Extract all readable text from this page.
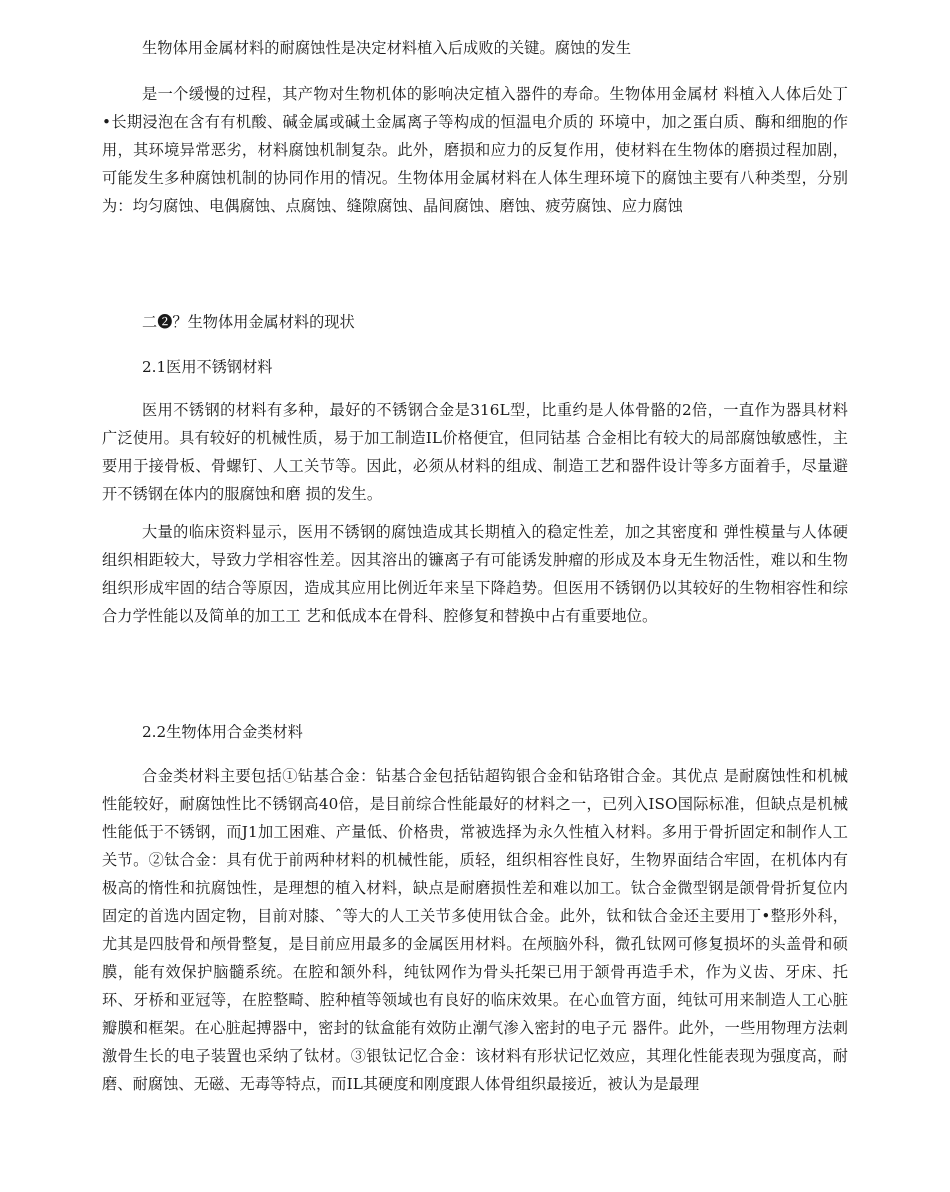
生物体用金属材料的耐腐蚀性是决定材料植入后成败的关键。腐蚀的发生

是一个缓慢的过程，其产物对生物机体的影响决定植入器件的寿命。生物体用金属材 料植入人体后处丁 •长期浸泡在含有有机酸、碱金属或碱土金属离子等构成的恒温电介质的 环境中，加之蛋白质、酶和细胞的作用，其环境异常恶劣，材料腐蚀机制复杂。此外，磨损和应力的反复作用，使材料在生物体的磨损过程加剧，可能发生多种腐蚀机制的协同作用的情况。生物体用金属材料在人体生理环境下的腐蚀主要有八种类型，分别为：均匀腐蚀、电偶腐蚀、点腐蚀、缝隙腐蚀、晶间腐蚀、磨蚀、疲劳腐蚀、应力腐蚀

二❷？生物体用金属材料的现状

2.1医用不锈钢材料

医用不锈钢的材料有多种，最好的不锈钢合金是316L型，比重约是人体骨骼的2倍，一直作为器具材料广泛使用。具有较好的机械性质，易于加工制造IL价格便宜，但同钴基 合金相比有较大的局部腐蚀敏感性，主要用于接骨板、骨螺钉、人工关节等。因此，必须从材料的组成、制造工艺和器件设计等多方面着手，尽量避开不锈钢在体内的服腐蚀和磨 损的发生。

大量的临床资料显示，医用不锈钢的腐蚀造成其长期植入的稳定性差，加之其密度和 弹性模量与人体硬组织相距较大，导致力学相容性差。因其溶出的镰离子有可能诱发肿瘤的形成及本身无生物活性，难以和生物组织形成牢固的结合等原因，造成其应用比例近年来呈下降趋势。但医用不锈钢仍以其较好的生物相容性和综合力学性能以及简单的加工工 艺和低成本在骨科、腔修复和替换中占有重要地位。

2.2生物体用合金类材料

合金类材料主要包括①钻基合金：钻基合金包括钻超钩银合金和钻珞钳合金。其优点 是耐腐蚀性和机械性能较好，耐腐蚀性比不锈钢高40倍，是目前综合性能最好的材料之一，已列入ISO国际标准，但缺点是机械性能低于不锈钢，而J1加工困难、产量低、价格贵，常被选择为永久性植入材料。多用于骨折固定和制作人工关节。②钛合金：具有优于前两种材料的机械性能，质轻，组织相容性良好，生物界面结合牢固，在机体内有极高的惰性和抗腐蚀性，是理想的植入材料，缺点是耐磨损性差和难以加工。钛合金微型钢是颌骨骨折复位内固定的首选内固定物，目前对膝、ˆ等大的人工关节多使用钛合金。此外，钛和钛合金还主要用丁•整形外科，尤其是四肢骨和颅骨整复，是目前应用最多的金属医用材料。在颅脑外科，微孔钛网可修复损坏的头盖骨和硕膜，能有效保护脑髓系统。在腔和颔外科，纯钛网作为骨头托架已用于颔骨再造手术，作为义齿、牙床、托环、牙桥和亚冠等，在腔整畸、腔种植等领域也有良好的临床效果。在心血管方面，纯钛可用来制造人工心脏瓣膜和框架。在心脏起搏器中，密封的钛盒能有效防止潮气渗入密封的电子元 器件。此外，一些用物理方法刺激骨生长的电子装置也采纳了钛材。③银钛记忆合金：该材料有形状记忆效应，其理化性能表现为强度高，耐磨、耐腐蚀、无磁、无毒等特点，而IL其硬度和刚度跟人体骨组织最接近，被认为是最理
